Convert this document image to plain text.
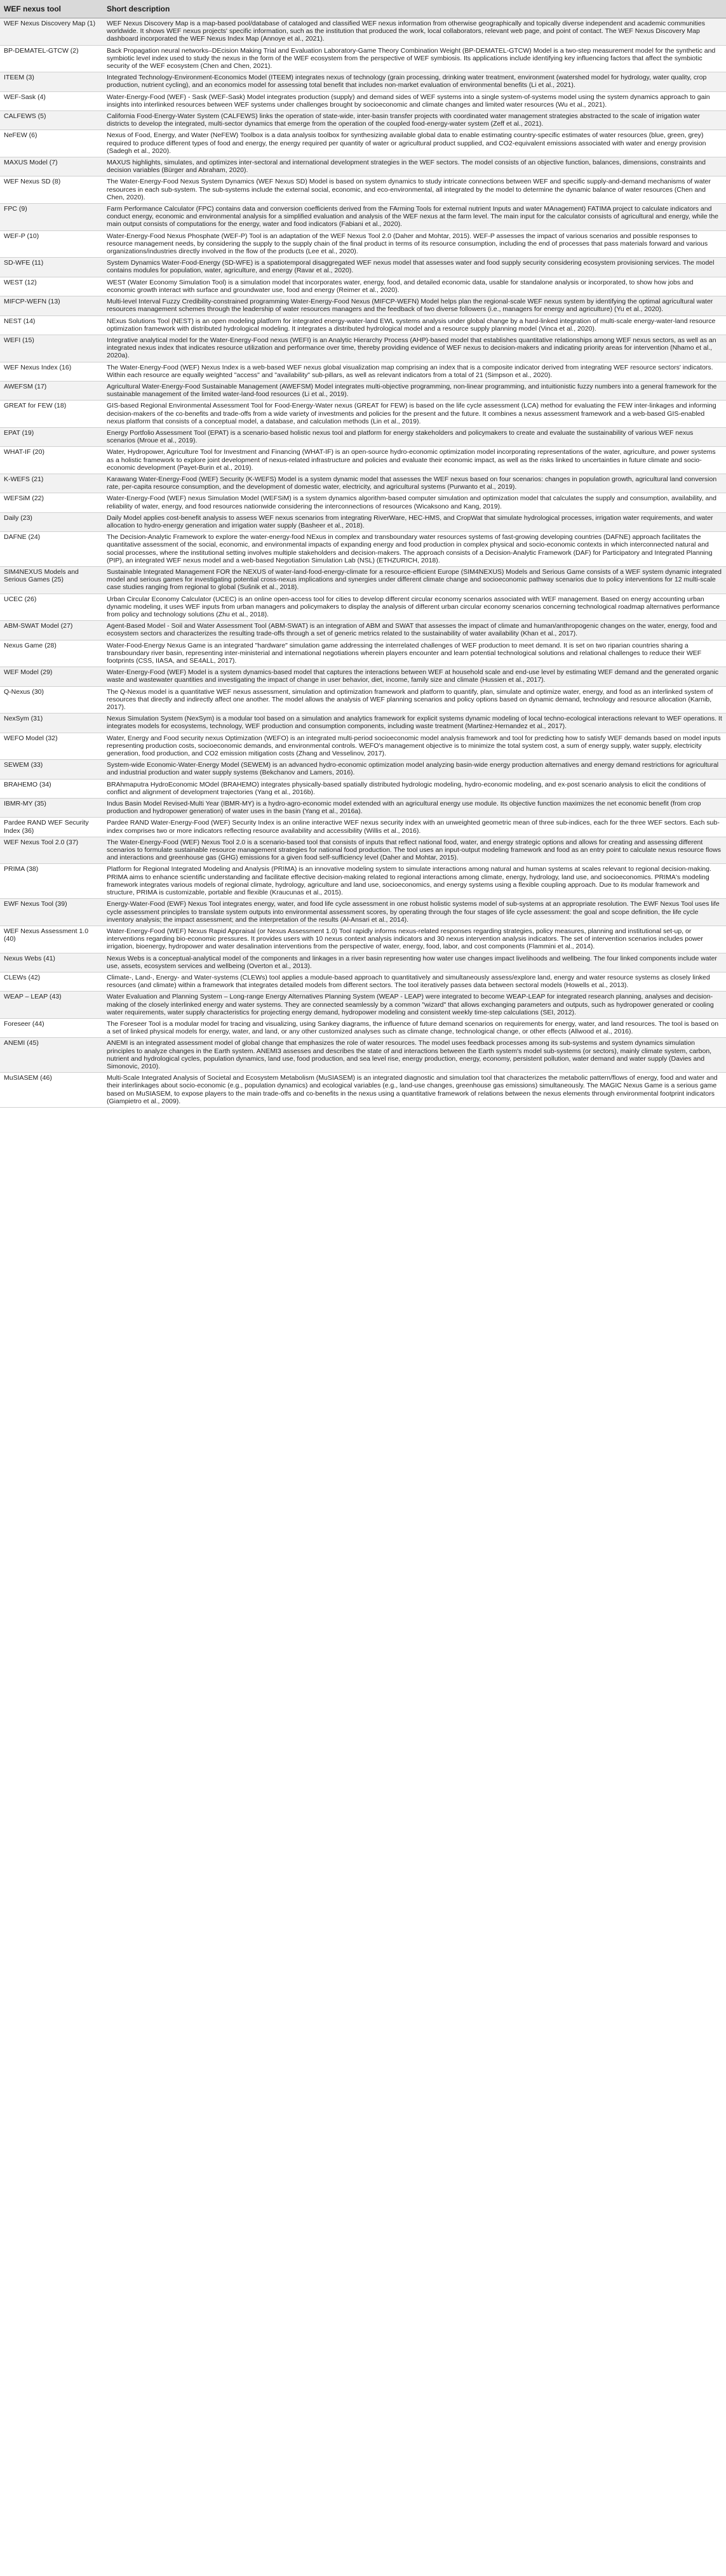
WEF nexus tool	Short description
WEF Nexus Discovery Map (1)	WEF Nexus Discovery Map is a map-based pool/database of cataloged and classified WEF nexus information from otherwise geographically and topically diverse independent and academic communities worldwide. It shows WEF nexus projects' specific information, such as the institution that produced the work, local collaborators, relevant web page, and point of contact. The WEF Nexus Discovery Map dashboard incorporated the WEF Nexus Index Map (Annoye et al., 2021).
BP-DEMATEL-GTCW (2)	Back Propagation neural networks–DEcision Making Trial and Evaluation Laboratory-Game Theory Combination Weight (BP-DEMATEL-GTCW) Model is a two-step measurement model for the synthetic and symbiotic level index used to study the nexus in the form of the WEF ecosystem from the perspective of WEF symbiosis. Its applications include identifying key influencing factors that affect the symbiotic security of the WEF ecosystem (Chen and Chen, 2021).
ITEEM (3)	Integrated Technology-Environment-Economics Model (ITEEM) integrates nexus of technology (grain processing, drinking water treatment, environment (watershed model for hydrology, water quality, crop production, nutrient cycling), and an economics model for assessing total benefit that includes non-market evaluation of environmental benefits (Li et al., 2021).
WEF-Sask (4)	Water-Energy-Food (WEF) - Sask (WEF-Sask) Model integrates production (supply) and demand sides of WEF systems into a single system-of-systems model using the system dynamics approach to gain insights into interlinked resources between WEF systems under challenges brought by socioeconomic and climate changes and limited water resources (Wu et al., 2021).
CALFEWS (5)	California Food-Energy-Water System (CALFEWS) links the operation of state-wide, inter-basin transfer projects with coordinated water management strategies abstracted to the scale of irrigation water districts to develop the integrated, multi-sector dynamics that emerge from the operation of the coupled food-energy-water system (Zeff et al., 2021).
NeFEW (6)	Nexus of Food, Energy, and Water (NeFEW) Toolbox is a data analysis toolbox for synthesizing available global data to enable estimating country-specific estimates of water resources (blue, green, grey) required to produce different types of food and energy, the energy required per quantity of water or agricultural product supplied, and CO2-equivalent emissions associated with water and energy provision (Sadegh et al., 2020).
MAXUS Model (7)	MAXUS highlights, simulates, and optimizes inter-sectoral and international development strategies in the WEF sectors. The model consists of an objective function, balances, dimensions, constraints and decision variables (Bürger and Abraham, 2020).
WEF Nexus SD (8)	The Water-Energy-Food Nexus System Dynamics (WEF Nexus SD) Model is based on system dynamics to study intricate connections between WEF and specific supply-and-demand mechanisms of water resources in each sub-system. The sub-systems include the external social, economic, and eco-environmental, all integrated by the model to determine the dynamic balance of water resources (Chen and Chen, 2020).
FPC (9)	Farm Performance Calculator (FPC) contains data and conversion coefficients derived from the FArming Tools for external nutrient Inputs and water MAnagement) FATIMA project to calculate indicators and conduct energy, economic and environmental analysis for a simplified evaluation and analysis of the WEF nexus at the farm level. The main input for the calculator consists of agricultural and energy, while the main output consists of computations for the energy, water and food indicators (Fabiani et al., 2020).
WEF-P (10)	Water-Energy-Food Nexus Phosphate (WEF-P) Tool is an adaptation of the WEF Nexus Tool 2.0 (Daher and Mohtar, 2015). WEF-P assesses the impact of various scenarios and possible responses to resource management needs, by considering the supply to the supply chain of the final product in terms of its resource consumption, including the end of processes that pass materials forward and various organizations/industries directly involved in the flow of the products (Lee et al., 2020).
SD-WFE (11)	System Dynamics Water-Food-Energy (SD-WFE) is a spatiotemporal disaggregated WEF nexus model that assesses water and food supply security considering ecosystem provisioning services. The model contains modules for population, water, agriculture, and energy (Ravar et al., 2020).
WEST (12)	WEST (Water Economy Simulation Tool) is a simulation model that incorporates water, energy, food, and detailed economic data, usable for standalone analysis or incorporated, to show how jobs and economic growth interact with surface and groundwater use, food and energy (Reimer et al., 2020).
MIFCP-WEFN (13)	Multi-level Interval Fuzzy Credibility-constrained programming Water-Energy-Food Nexus (MIFCP-WEFN) Model helps plan the regional-scale WEF nexus system by identifying the optimal agricultural water resources management schemes through the leadership of water resources managers and the feedback of two diverse followers (i.e., managers for energy and agriculture) (Yu et al., 2020).
NEST (14)	NExus Solutions Tool (NEST) is an open modeling platform for integrated energy-water-land EWL systems analysis under global change by a hard-linked integration of multi-scale energy-water-land resource optimization framework with distributed hydrological modeling. It integrates a distributed hydrological model and a resource supply planning model (Vinca et al., 2020).
WEFI (15)	Integrative analytical model for the Water-Energy-Food nexus (WEFI) is an Analytic Hierarchy Process (AHP)-based model that establishes quantitative relationships among WEF nexus sectors, as well as an integrated nexus index that indicates resource utilization and performance over time, thereby providing evidence of WEF nexus to decision-makers and indicating priority areas for intervention (Nhamo et al., 2020a).
WEF Nexus Index (16)	The Water-Energy-Food (WEF) Nexus Index is a web-based WEF nexus global visualization map comprising an index that is a composite indicator derived from integrating WEF resource sectors' indicators. Within each resource are equally weighted "access" and "availability" sub-pillars, as well as relevant indicators from a total of 21 (Simpson et al., 2020).
AWEFSM (17)	Agricultural Water-Energy-Food Sustainable Management (AWEFSM) Model integrates multi-objective programming, non-linear programming, and intuitionistic fuzzy numbers into a general framework for the sustainable management of the limited water-land-food resources (Li et al., 2019).
GREAT for FEW (18)	GIS-based Regional Environmental Assessment Tool for Food-Energy-Water nexus (GREAT for FEW) is based on the life cycle assessment (LCA) method for evaluating the FEW inter-linkages and informing decision-makers of the co-benefits and trade-offs from a wide variety of investments and policies for the present and the future. It combines a nexus assessment framework and a web-based GIS-enabled nexus platform that consists of a conceptual model, a database, and calculation methods (Lin et al., 2019).
EPAT (19)	Energy Portfolio Assessment Tool (EPAT) is a scenario-based holistic nexus tool and platform for energy stakeholders and policymakers to create and evaluate the sustainability of various WEF nexus scenarios (Mroue et al., 2019).
WHAT-IF (20)	Water, Hydropower, Agriculture Tool for Investment and Financing (WHAT-IF) is an open-source hydro-economic optimization model incorporating representations of the water, agriculture, and power systems as a holistic framework to explore joint development of nexus-related infrastructure and policies and evaluate their economic impact, as well as the risks linked to uncertainties in future climate and socio-economic development (Payet-Burin et al., 2019).
K-WEFS (21)	Karawang Water-Energy-Food (WEF) Security (K-WEFS) Model is a system dynamic model that assesses the WEF nexus based on four scenarios: changes in population growth, agricultural land conversion rate, per-capita resource consumption, and the development of domestic water, electricity, and agricultural systems (Purwanto et al., 2019).
WEFSiM (22)	Water-Energy-Food (WEF) nexus Simulation Model (WEFSiM) is a system dynamics algorithm-based computer simulation and optimization model that calculates the supply and consumption, availability, and reliability of water, energy, and food resources nationwide considering the interconnections of resources (Wicaksono and Kang, 2019).
Daily (23)	Daily Model applies cost-benefit analysis to assess WEF nexus scenarios from integrating RiverWare, HEC-HMS, and CropWat that simulate hydrological processes, irrigation water requirements, and water allocation to hydro-energy generation and irrigation water supply (Basheer et al., 2018).
DAFNE (24)	The Decision-Analytic Framework to explore the water-energy-food NExus in complex and transboundary water resources systems of fast-growing developing countries (DAFNE) approach facilitates the quantitative assessment of the social, economic, and environmental impacts of expanding energy and food production in complex physical and socio-economic contexts in which interconnected natural and social processes, where the institutional setting involves multiple stakeholders and decision-makers. The approach consists of a Decision-Analytic Framework (DAF) for Participatory and Integrated Planning (PIP), an integrated WEF nexus model and a web-based Negotiation Simulation Lab (NSL) (ETHZURICH, 2018).
SIM4NEXUS Models and Serious Games (25)	Sustainable Integrated Management FOR the NEXUS of water-land-food-energy-climate for a resource-efficient Europe (SIM4NEXUS) Models and Serious Game consists of a WEF system dynamic integrated model and serious games for investigating potential cross-nexus implications and synergies under different climate change and socioeconomic pathway scenarios due to policy interventions for 12 multi-scale case studies ranging from regional to global (Sušnik et al., 2018).
UCEC (26)	Urban Circular Economy Calculator (UCEC) is an online open-access tool for cities to develop different circular economy scenarios associated with WEF management. Based on energy accounting urban dynamic modeling, it uses WEF inputs from urban managers and policymakers to display the analysis of different urban circular economy scenarios concerning technological roadmap alternatives performance from policy and technology solutions (Zhu et al., 2018).
ABM-SWAT Model (27)	Agent-Based Model - Soil and Water Assessment Tool (ABM-SWAT) is an integration of ABM and SWAT that assesses the impact of climate and human/anthropogenic changes on the water, energy, food and ecosystem sectors and characterizes the resulting trade-offs through a set of generic metrics related to the sustainability of water availability (Khan et al., 2017).
Nexus Game (28)	Water-Food-Energy Nexus Game is an integrated "hardware" simulation game addressing the interrelated challenges of WEF production to meet demand. It is set on two riparian countries sharing a transboundary river basin, representing inter-ministerial and international negotiations wherein players encounter and learn potential technological solutions and relational challenges to reduce their WEF footprints (CSS, IIASA, and SE4ALL, 2017).
WEF Model (29)	Water-Energy-Food (WEF) Model is a system dynamics-based model that captures the interactions between WEF at household scale and end-use level by estimating WEF demand and the generated organic waste and wastewater quantities and investigating the impact of change in user behavior, diet, income, family size and climate (Hussien et al., 2017).
Q-Nexus (30)	The Q-Nexus model is a quantitative WEF nexus assessment, simulation and optimization framework and platform to quantify, plan, simulate and optimize water, energy, and food as an interlinked system of resources that directly and indirectly affect one another. The model allows the analysis of WEF planning scenarios and policy options based on dynamic demand, technology and resource allocation (Karnib, 2017).
NexSym (31)	Nexus Simulation System (NexSym) is a modular tool based on a simulation and analytics framework for explicit systems dynamic modeling of local techno-ecological interactions relevant to WEF operations. It integrates models for ecosystems, technology, WEF production and consumption components, including waste treatment (Martinez-Hernandez et al., 2017).
WEFO Model (32)	Water, Energy and Food security nexus Optimization (WEFO) is an integrated multi-period socioeconomic model analysis framework and tool for predicting how to satisfy WEF demands based on model inputs representing production costs, socioeconomic demands, and environmental controls. WEFO's management objective is to minimize the total system cost, a sum of energy supply, water supply, electricity generation, food production, and CO2 emission mitigation costs (Zhang and Vesselinov, 2017).
SEWEM (33)	System-wide Economic-Water-Energy Model (SEWEM) is an advanced hydro-economic optimization model analyzing basin-wide energy production alternatives and energy demand restrictions for agricultural and industrial production and water supply systems (Bekchanov and Lamers, 2016).
BRAHEMO (34)	BRAhmaputra HydroEconomic MOdel (BRAHEMO) integrates physically-based spatially distributed hydrologic modeling, hydro-economic modeling, and ex-post scenario analysis to elicit the conditions of conflict and alignment of development trajectories (Yang et al., 2016b).
IBMR-MY (35)	Indus Basin Model Revised-Multi Year (IBMR-MY) is a hydro-agro-economic model extended with an agricultural energy use module. Its objective function maximizes the net economic benefit (from crop production and hydropower generation) of water uses in the basin (Yang et al., 2016a).
Pardee RAND WEF Security Index (36)	Pardee RAND Water-Energy-Food (WEF) Security Index is an online interactive WEF nexus security index with an unweighted geometric mean of three sub-indices, each for the three WEF sectors. Each sub-index comprises two or more indicators reflecting resource availability and accessibility (Willis et al., 2016).
WEF Nexus Tool 2.0 (37)	The Water-Energy-Food (WEF) Nexus Tool 2.0 is a scenario-based tool that consists of inputs that reflect national food, water, and energy strategic options and allows for creating and assessing different scenarios to formulate sustainable resource management strategies for national food production. The tool uses an input-output modeling framework and food as an entry point to calculate nexus resource flows and interactions and greenhouse gas (GHG) emissions for a given food self-sufficiency level (Daher and Mohtar, 2015).
PRIMA (38)	Platform for Regional Integrated Modeling and Analysis (PRIMA) is an innovative modeling system to simulate interactions among natural and human systems at scales relevant to regional decision-making. PRIMA aims to enhance scientific understanding and facilitate effective decision-making related to regional interactions among climate, energy, hydrology, land use, and socioeconomics. PRIMA's modeling framework integrates various models of regional climate, hydrology, agriculture and land use, socioeconomics, and energy systems using a flexible coupling approach. Due to its modular framework and structure, PRIMA is customizable, portable and flexible (Kraucunas et al., 2015).
EWF Nexus Tool (39)	Energy-Water-Food (EWF) Nexus Tool integrates energy, water, and food life cycle assessment in one robust holistic systems model of sub-systems at an appropriate resolution. The EWF Nexus Tool uses life cycle assessment principles to translate system outputs into environmental assessment scores, by operating through the four stages of life cycle assessment: the goal and scope definition, the life cycle inventory analysis; the impact assessment; and the interpretation of the results (Al-Ansari et al., 2014).
WEF Nexus Assessment 1.0 (40)	Water-Energy-Food (WEF) Nexus Rapid Appraisal (or Nexus Assessment 1.0) Tool rapidly informs nexus-related responses regarding strategies, policy measures, planning and institutional set-up, or interventions regarding bio-economic pressures. It provides users with 10 nexus context analysis indicators and 30 nexus intervention analysis indicators. The set of intervention scenarios includes power irrigation, bioenergy, hydropower and water desalination interventions from the perspective of water, energy, food, labor, and cost components (Flammini et al., 2014).
Nexus Webs (41)	Nexus Webs is a conceptual-analytical model of the components and linkages in a river basin representing how water use changes impact livelihoods and wellbeing. The four linked components include water use, assets, ecosystem services and wellbeing (Overton et al., 2013).
CLEWs (42)	Climate-, Land-, Energy- and Water-systems (CLEWs) tool applies a module-based approach to quantitatively and simultaneously assess/explore land, energy and water resource systems as closely linked resources (and climate) within a framework that integrates detailed models from different sectors. The tool iteratively passes data between sectoral models (Howells et al., 2013).
WEAP – LEAP (43)	Water Evaluation and Planning System – Long-range Energy Alternatives Planning System (WEAP - LEAP) were integrated to become WEAP-LEAP for integrated research planning, analyses and decision-making of the closely interlinked energy and water systems. They are connected seamlessly by a common "wizard" that allows exchanging parameters and outputs, such as hydropower generated or cooling water requirements, water supply characteristics for projecting energy demand, hydropower modeling and consistent weekly time-step calculations (SEI, 2012).
Foreseer (44)	The Foreseer Tool is a modular model for tracing and visualizing, using Sankey diagrams, the influence of future demand scenarios on requirements for energy, water, and land resources. The tool is based on a set of linked physical models for energy, water, and land, or any other customized analyses such as climate change, technological change, or other effects (Allwood et al., 2016).
ANEMI (45)	ANEMI is an integrated assessment model of global change that emphasizes the role of water resources. The model uses feedback processes among its sub-systems and system dynamics simulation principles to analyze changes in the Earth system. ANEMI3 assesses and describes the state of and interactions between the Earth system's model sub-systems (or sectors), mainly climate system, carbon, nutrient and hydrological cycles, population dynamics, land use, food production, and sea level rise, energy production, energy, economy, persistent pollution, water demand and water supply (Davies and Simonovic, 2010).
MuSIASEM (46)	Multi-Scale Integrated Analysis of Societal and Ecosystem Metabolism (MuSIASEM) is an integrated diagnostic and simulation tool that characterizes the metabolic pattern/flows of energy, food and water and their interlinkages about socio-economic (e.g., population dynamics) and ecological variables (e.g., land-use changes, greenhouse gas emissions) simultaneously. The MAGIC Nexus Game is a serious game based on MuSIASEM, to expose players to the main trade-offs and co-benefits in the nexus using a quantitative framework of relations between the nexus elements through environmental footprint indicators (Giampietro et al., 2009).
